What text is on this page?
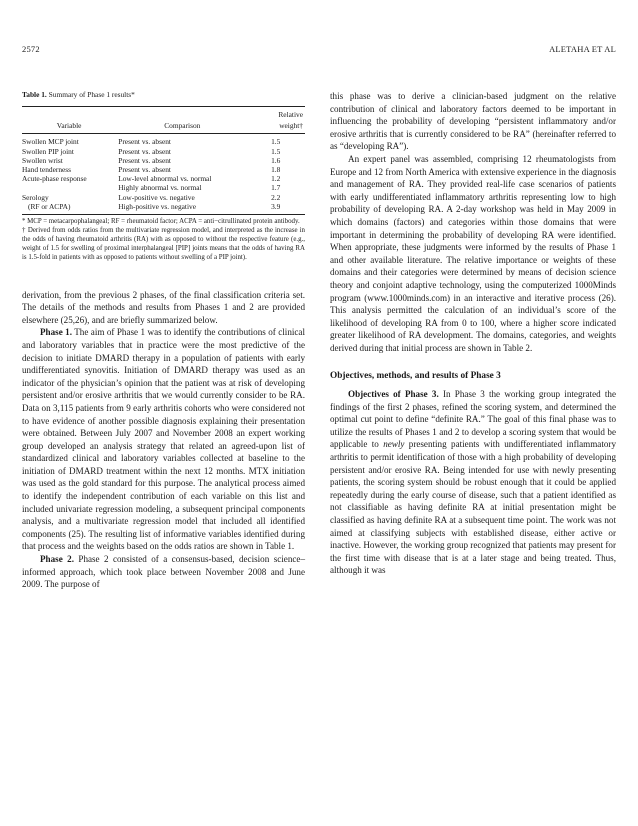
2572	ALETAHA ET AL
Table 1. Summary of Phase 1 results*
		Relative
Variable	Comparison	weight†
Swollen MCP joint	Present vs. absent	1.5
Swollen PIP joint	Present vs. absent	1.5
Swollen wrist	Present vs. absent	1.6
Hand tenderness	Present vs. absent	1.8
Acute-phase response	Low-level abnormal vs. normal	1.2
	Highly abnormal vs. normal	1.7
Serology	Low-positive vs. negative	2.2
(RF or ACPA)	High-positive vs. negative	3.9

* MCP = metacarpophalangeal; RF = rheumatoid factor; ACPA = anti−citrullinated protein antibody.

† Derived from odds ratios from the multivariate regression model, and interpreted as the increase in the odds of having rheumatoid arthritis (RA) with as opposed to without the respective feature (e.g., weight of 1.5 for swelling of proximal interphalangeal [PIP] joints means that the odds of having RA is 1.5-fold in patients with as opposed to patients without swelling of a PIP joint).

derivation, from the previous 2 phases, of the final classification criteria set. The details of the methods and results from Phases 1 and 2 are provided elsewhere (25,26), and are briefly summarized below.

Phase 1. The aim of Phase 1 was to identify the contributions of clinical and laboratory variables that in practice were the most predictive of the decision to initiate DMARD therapy in a population of patients with early undifferentiated synovitis. Initiation of DMARD therapy was used as an indicator of the physician’s opinion that the patient was at risk of developing persistent and/or erosive arthritis that we would currently consider to be RA. Data on 3,115 patients from 9 early arthritis cohorts who were considered not to have evidence of another possible diagnosis explaining their presentation were obtained. Between July 2007 and November 2008 an expert working group developed an analysis strategy that related an agreed-upon list of standardized clinical and laboratory variables collected at baseline to the initiation of DMARD treatment within the next 12 months. MTX initiation was used as the gold standard for this purpose. The analytical process aimed to identify the independent contribution of each variable on this list and included univariate regression modeling, a subsequent principal components analysis, and a multivariate regression model that included all identified components (25). The resulting list of informative variables identified during that process and the weights based on the odds ratios are shown in Table 1.

Phase 2. Phase 2 consisted of a consensus-based, decision science–informed approach, which took place between November 2008 and June 2009. The purpose of

this phase was to derive a clinician-based judgment on the relative contribution of clinical and laboratory factors deemed to be important in influencing the probability of developing “persistent inflammatory and/or erosive arthritis that is currently considered to be RA” (hereinafter referred to as “developing RA”).

An expert panel was assembled, comprising 12 rheumatologists from Europe and 12 from North America with extensive experience in the diagnosis and management of RA. They provided real-life case scenarios of patients with early undifferentiated inflammatory arthritis representing low to high probability of developing RA. A 2-day workshop was held in May 2009 in which domains (factors) and categories within those domains that were important in determining the probability of developing RA were identified. When appropriate, these judgments were informed by the results of Phase 1 and other available literature. The relative importance or weights of these domains and their categories were determined by means of decision science theory and conjoint adaptive technology, using the computerized 1000Minds program (www.1000minds.com) in an interactive and iterative process (26). This analysis permitted the calculation of an individual’s score of the likelihood of developing RA from 0 to 100, where a higher score indicated greater likelihood of RA development. The domains, categories, and weights derived during that initial process are shown in Table 2.

Objectives, methods, and results of Phase 3

Objectives of Phase 3. In Phase 3 the working group integrated the findings of the first 2 phases, refined the scoring system, and determined the optimal cut point to define “definite RA.” The goal of this final phase was to utilize the results of Phases 1 and 2 to develop a scoring system that would be applicable to newly presenting patients with undifferentiated inflammatory arthritis to permit identification of those with a high probability of developing persistent and/or erosive RA. Being intended for use with newly presenting patients, the scoring system should be robust enough that it could be applied repeatedly during the early course of disease, such that a patient identified as not classifiable as having definite RA at initial presentation might be classified as having definite RA at a subsequent time point. The work was not aimed at classifying subjects with established disease, either active or inactive. However, the working group recognized that patients may present for the first time with disease that is at a later stage and being treated. Thus, although it was
